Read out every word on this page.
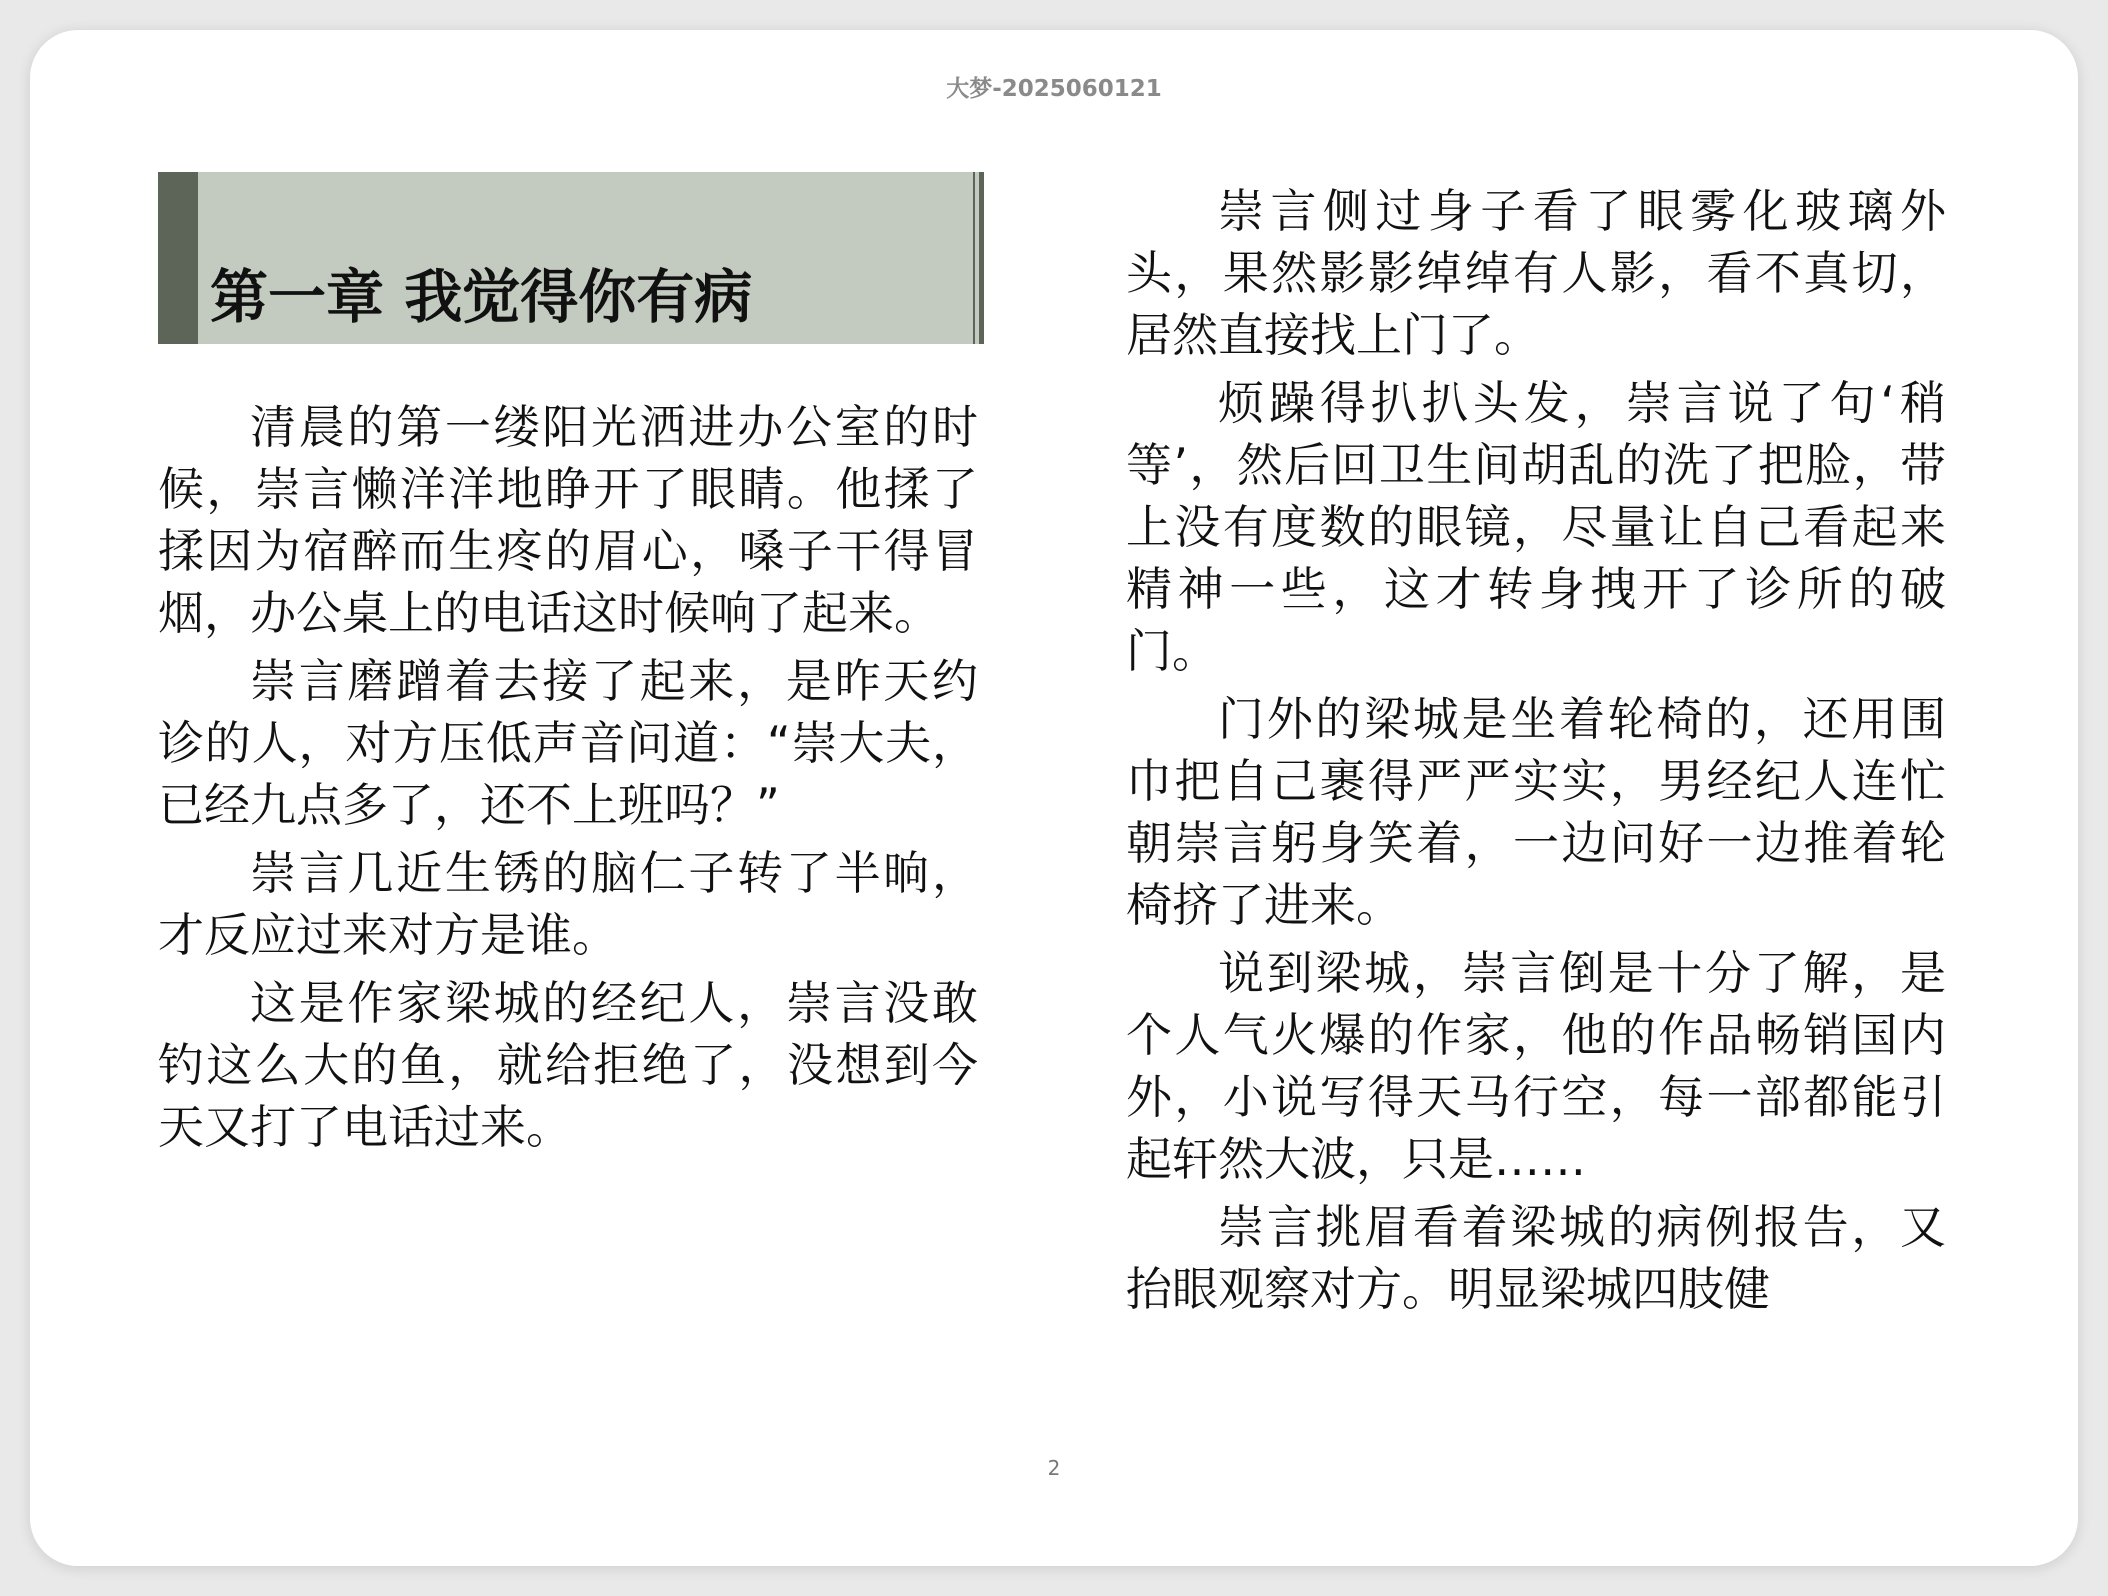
大梦-2025060121
第一章 我觉得你有病

清晨的第一缕阳光洒进办公室的时候，崇言懒洋洋地睁开了眼睛。他揉了揉因为宿醉而生疼的眉心，嗓子干得冒烟，办公桌上的电话这时候响了起来。

崇言磨蹭着去接了起来，是昨天约诊的人，对方压低声音问道：“崇大夫，已经九点多了，还不上班吗？”

崇言几近生锈的脑仁子转了半晌，才反应过来对方是谁。

这是作家梁城的经纪人，崇言没敢钓这么大的鱼，就给拒绝了，没想到今天又打了电话过来。

崇言侧过身子看了眼雾化玻璃外头，果然影影绰绰有人影，看不真切，居然直接找上门了。

烦躁得扒扒头发，崇言说了句‘稍等’，然后回卫生间胡乱的洗了把脸，带上没有度数的眼镜，尽量让自己看起来精神一些，这才转身拽开了诊所的破门。

门外的梁城是坐着轮椅的，还用围巾把自己裹得严严实实，男经纪人连忙朝崇言躬身笑着，一边问好一边推着轮椅挤了进来。

说到梁城，崇言倒是十分了解，是个人气火爆的作家，他的作品畅销国内外，小说写得天马行空，每一部都能引起轩然大波，只是……

崇言挑眉看着梁城的病例报告，又抬眼观察对方。明显梁城四肢健

2
